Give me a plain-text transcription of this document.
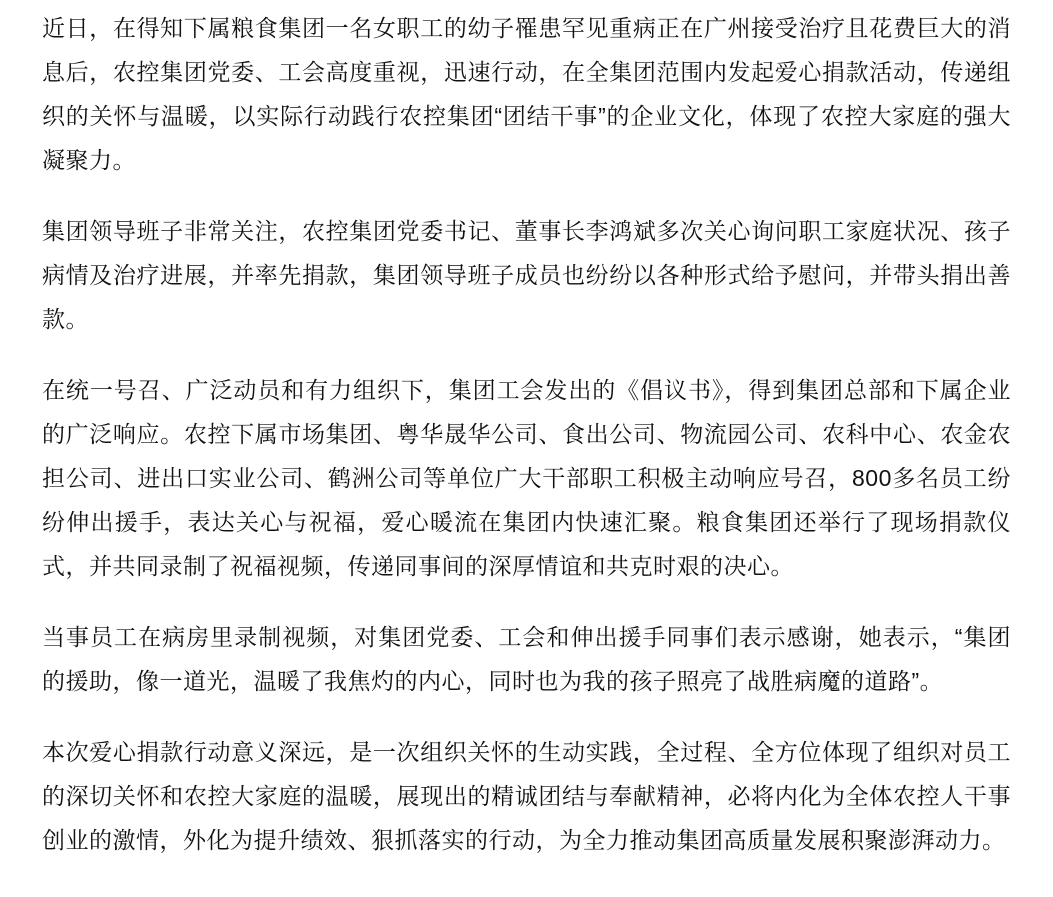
近日，在得知下属粮食集团一名女职工的幼子罹患罕见重病正在广州接受治疗且花费巨大的消息后，农控集团党委、工会高度重视，迅速行动，在全集团范围内发起爱心捐款活动，传递组织的关怀与温暖，以实际行动践行农控集团“团结干事”的企业文化，体现了农控大家庭的强大凝聚力。

集团领导班子非常关注，农控集团党委书记、董事长李鸿斌多次关心询问职工家庭状况、孩子病情及治疗进展，并率先捐款，集团领导班子成员也纷纷以各种形式给予慰问，并带头捐出善款。

在统一号召、广泛动员和有力组织下，集团工会发出的《倡议书》，得到集团总部和下属企业的广泛响应。农控下属市场集团、粤华晟华公司、食出公司、物流园公司、农科中心、农金农担公司、进出口实业公司、鹤洲公司等单位广大干部职工积极主动响应号召，800多名员工纷纷伸出援手，表达关心与祝福，爱心暖流在集团内快速汇聚。粮食集团还举行了现场捐款仪式，并共同录制了祝福视频，传递同事间的深厚情谊和共克时艰的决心。

当事员工在病房里录制视频，对集团党委、工会和伸出援手同事们表示感谢，她表示，“集团的援助，像一道光，温暖了我焦灼的内心，同时也为我的孩子照亮了战胜病魔的道路”。

本次爱心捐款行动意义深远，是一次组织关怀的生动实践，全过程、全方位体现了组织对员工的深切关怀和农控大家庭的温暖，展现出的精诚团结与奉献精神，必将内化为全体农控人干事创业的激情，外化为提升绩效、狠抓落实的行动，为全力推动集团高质量发展积聚澎湃动力。
